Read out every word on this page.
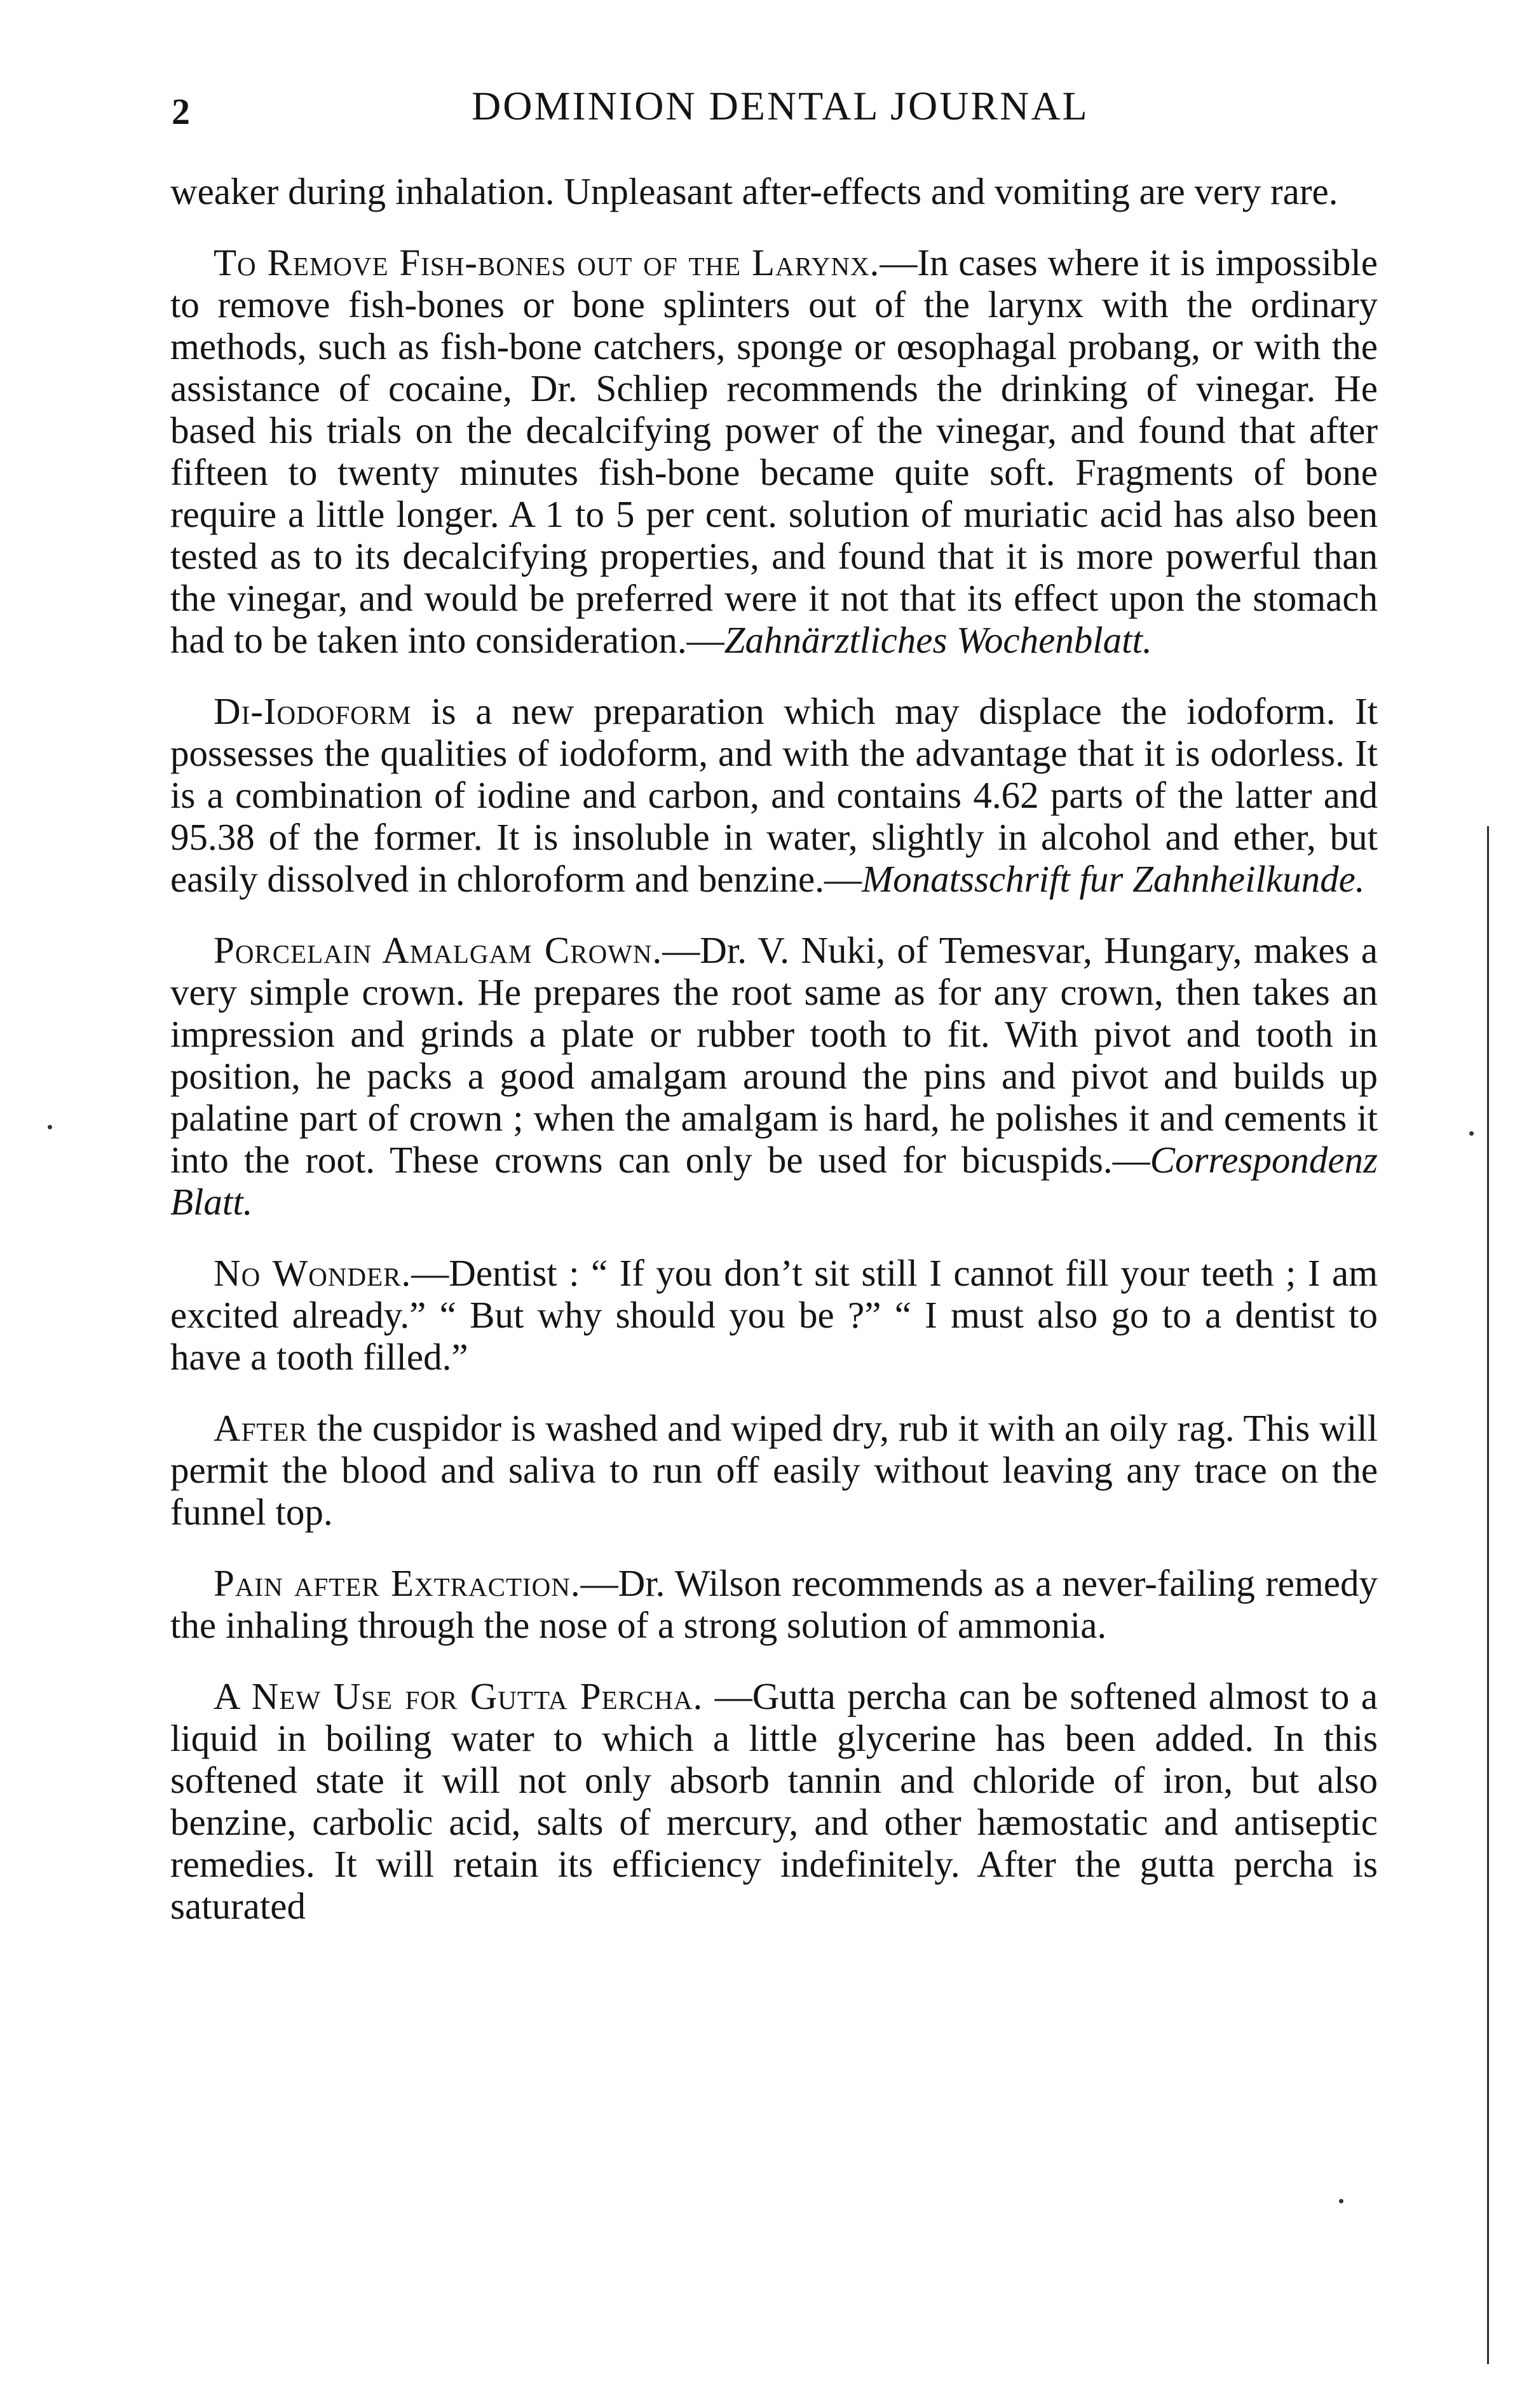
2	DOMINION DENTAL JOURNAL

weaker during inhalation. Unpleasant after-effects and vomiting are very rare.

To Remove Fish-bones out of the Larynx.—In cases where it is impossible to remove fish-bones or bone splinters out of the larynx with the ordinary methods, such as fish-bone catchers, sponge or œsophagal probang, or with the assistance of cocaine, Dr. Schliep recommends the drinking of vinegar. He based his trials on the decalcifying power of the vinegar, and found that after fifteen to twenty minutes fish-bone became quite soft. Fragments of bone require a little longer. A 1 to 5 per cent. solution of muriatic acid has also been tested as to its decalcifying properties, and found that it is more powerful than the vinegar, and would be preferred were it not that its effect upon the stomach had to be taken into consideration.—Zahnärztliches Wochenblatt.

Di-Iodoform is a new preparation which may displace the iodoform. It possesses the qualities of iodoform, and with the advantage that it is odorless. It is a combination of iodine and carbon, and contains 4.62 parts of the latter and 95.38 of the former. It is insoluble in water, slightly in alcohol and ether, but easily dissolved in chloroform and benzine.—Monatsschrift fur Zahnheilkunde.

Porcelain Amalgam Crown.—Dr. V. Nuki, of Temesvar, Hungary, makes a very simple crown. He prepares the root same as for any crown, then takes an impression and grinds a plate or rubber tooth to fit. With pivot and tooth in position, he packs a good amalgam around the pins and pivot and builds up palatine part of crown ; when the amalgam is hard, he polishes it and cements it into the root. These crowns can only be used for bicuspids.—Correspondenz Blatt.

No Wonder.—Dentist : “ If you don’t sit still I cannot fill your teeth ; I am excited already.” “ But why should you be ?” “ I must also go to a dentist to have a tooth filled.”

After the cuspidor is washed and wiped dry, rub it with an oily rag. This will permit the blood and saliva to run off easily without leaving any trace on the funnel top.

Pain after Extraction.—Dr. Wilson recommends as a never-failing remedy the inhaling through the nose of a strong solution of ammonia.

A New Use for Gutta Percha. —Gutta percha can be softened almost to a liquid in boiling water to which a little glycerine has been added. In this softened state it will not only absorb tannin and chloride of iron, but also benzine, carbolic acid, salts of mercury, and other hæmostatic and antiseptic remedies. It will retain its efficiency indefinitely. After the gutta percha is saturated
